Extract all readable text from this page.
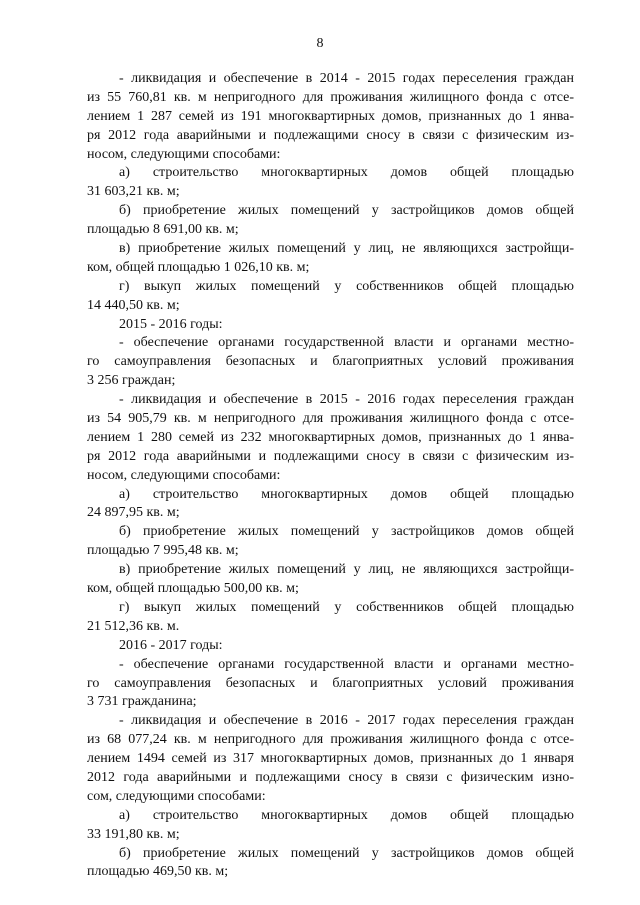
8
- ликвидация и обеспечение в 2014 - 2015 годах переселения граждан
из 55 760,81 кв. м непригодного для проживания жилищного фонда с отсе-
лением 1 287 семей из 191 многоквартирных домов, признанных до 1 янва-
ря 2012 года аварийными и подлежащими сносу в связи с физическим из-
носом, следующими способами:
а) строительство многоквартирных домов общей площадью
31 603,21 кв. м;
б) приобретение жилых помещений у застройщиков домов общей
площадью 8 691,00 кв. м;
в) приобретение жилых помещений у лиц, не являющихся застройщи-
ком, общей площадью 1 026,10 кв. м;
г) выкуп жилых помещений у собственников общей площадью
14 440,50 кв. м;
2015 - 2016 годы:
- обеспечение органами государственной власти и органами местно-
го самоуправления безопасных и благоприятных условий проживания
3 256 граждан;
- ликвидация и обеспечение в 2015 - 2016 годах переселения граждан
из 54 905,79 кв. м непригодного для проживания жилищного фонда с отсе-
лением 1 280 семей из 232 многоквартирных домов, признанных до 1 янва-
ря 2012 года аварийными и подлежащими сносу в связи с физическим из-
носом, следующими способами:
а) строительство многоквартирных домов общей площадью
24 897,95 кв. м;
б) приобретение жилых помещений у застройщиков домов общей
площадью 7 995,48 кв. м;
в) приобретение жилых помещений у лиц, не являющихся застройщи-
ком, общей площадью 500,00 кв. м;
г) выкуп жилых помещений у собственников общей площадью
21 512,36 кв. м.
2016 - 2017 годы:
- обеспечение органами государственной власти и органами местно-
го самоуправления безопасных и благоприятных условий проживания
3 731 гражданина;
- ликвидация и обеспечение в 2016 - 2017 годах переселения граждан
из 68 077,24 кв. м непригодного для проживания жилищного фонда с отсе-
лением 1494 семей из 317 многоквартирных домов, признанных до 1 января
2012 года аварийными и подлежащими сносу в связи с физическим изно-
сом, следующими способами:
а) строительство многоквартирных домов общей площадью
33 191,80 кв. м;
б) приобретение жилых помещений у застройщиков домов общей
площадью 469,50 кв. м;
